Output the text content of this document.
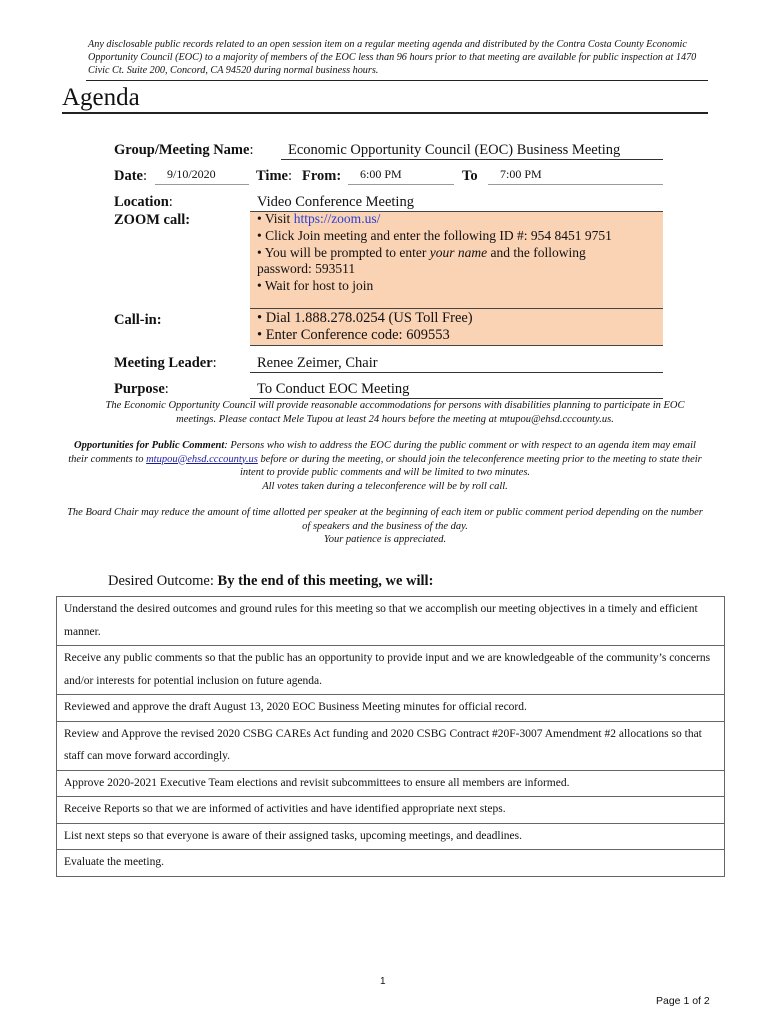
Any disclosable public records related to an open session item on a regular meeting agenda and distributed by the Contra Costa County Economic Opportunity Council (EOC) to a majority of members of the EOC less than 96 hours prior to that meeting are available for public inspection at 1470 Civic Ct. Suite 200, Concord, CA 94520 during normal business hours.
Agenda
Group/Meeting Name:	Economic Opportunity Council (EOC) Business Meeting
Date:	9/10/2020	Time: From:	6:00 PM	To	7:00 PM
Location:	Video Conference Meeting
ZOOM call:	• Visit https://zoom.us/
• Click Join meeting and enter the following ID #: 954 8451 9751
• You will be prompted to enter your name and the following
password: 593511
• Wait for host to join
Call-in:	• Dial 1.888.278.0254 (US Toll Free)
• Enter Conference code: 609553
Meeting Leader:	Renee Zeimer, Chair
Purpose:	To Conduct EOC Meeting
The Economic Opportunity Council will provide reasonable accommodations for persons with disabilities planning to participate in EOC meetings. Please contact Mele Tupou at least 24 hours before the meeting at mtupou@ehsd.cccounty.us.
Opportunities for Public Comment: Persons who wish to address the EOC during the public comment or with respect to an agenda item may email their comments to mtupou@ehsd.cccounty.us before or during the meeting, or should join the teleconference meeting prior to the meeting to state their intent to provide public comments and will be limited to two minutes.
All votes taken during a teleconference will be by roll call.
The Board Chair may reduce the amount of time allotted per speaker at the beginning of each item or public comment period depending on the number of speakers and the business of the day.
Your patience is appreciated.
Desired Outcome: By the end of this meeting, we will:
Understand the desired outcomes and ground rules for this meeting so that we accomplish our meeting objectives in a timely and efficient manner.
Receive any public comments so that the public has an opportunity to provide input and we are knowledgeable of the community’s concerns and/or interests for potential inclusion on future agenda.
Reviewed and approve the draft August 13, 2020 EOC Business Meeting minutes for official record.
Review and Approve the revised 2020 CSBG CAREs Act funding and 2020 CSBG Contract #20F-3007 Amendment #2 allocations so that staff can move forward accordingly.
Approve 2020-2021 Executive Team elections and revisit subcommittees to ensure all members are informed.
Receive Reports so that we are informed of activities and have identified appropriate next steps.
List next steps so that everyone is aware of their assigned tasks, upcoming meetings, and deadlines.
Evaluate the meeting.
1
Page 1 of 2
